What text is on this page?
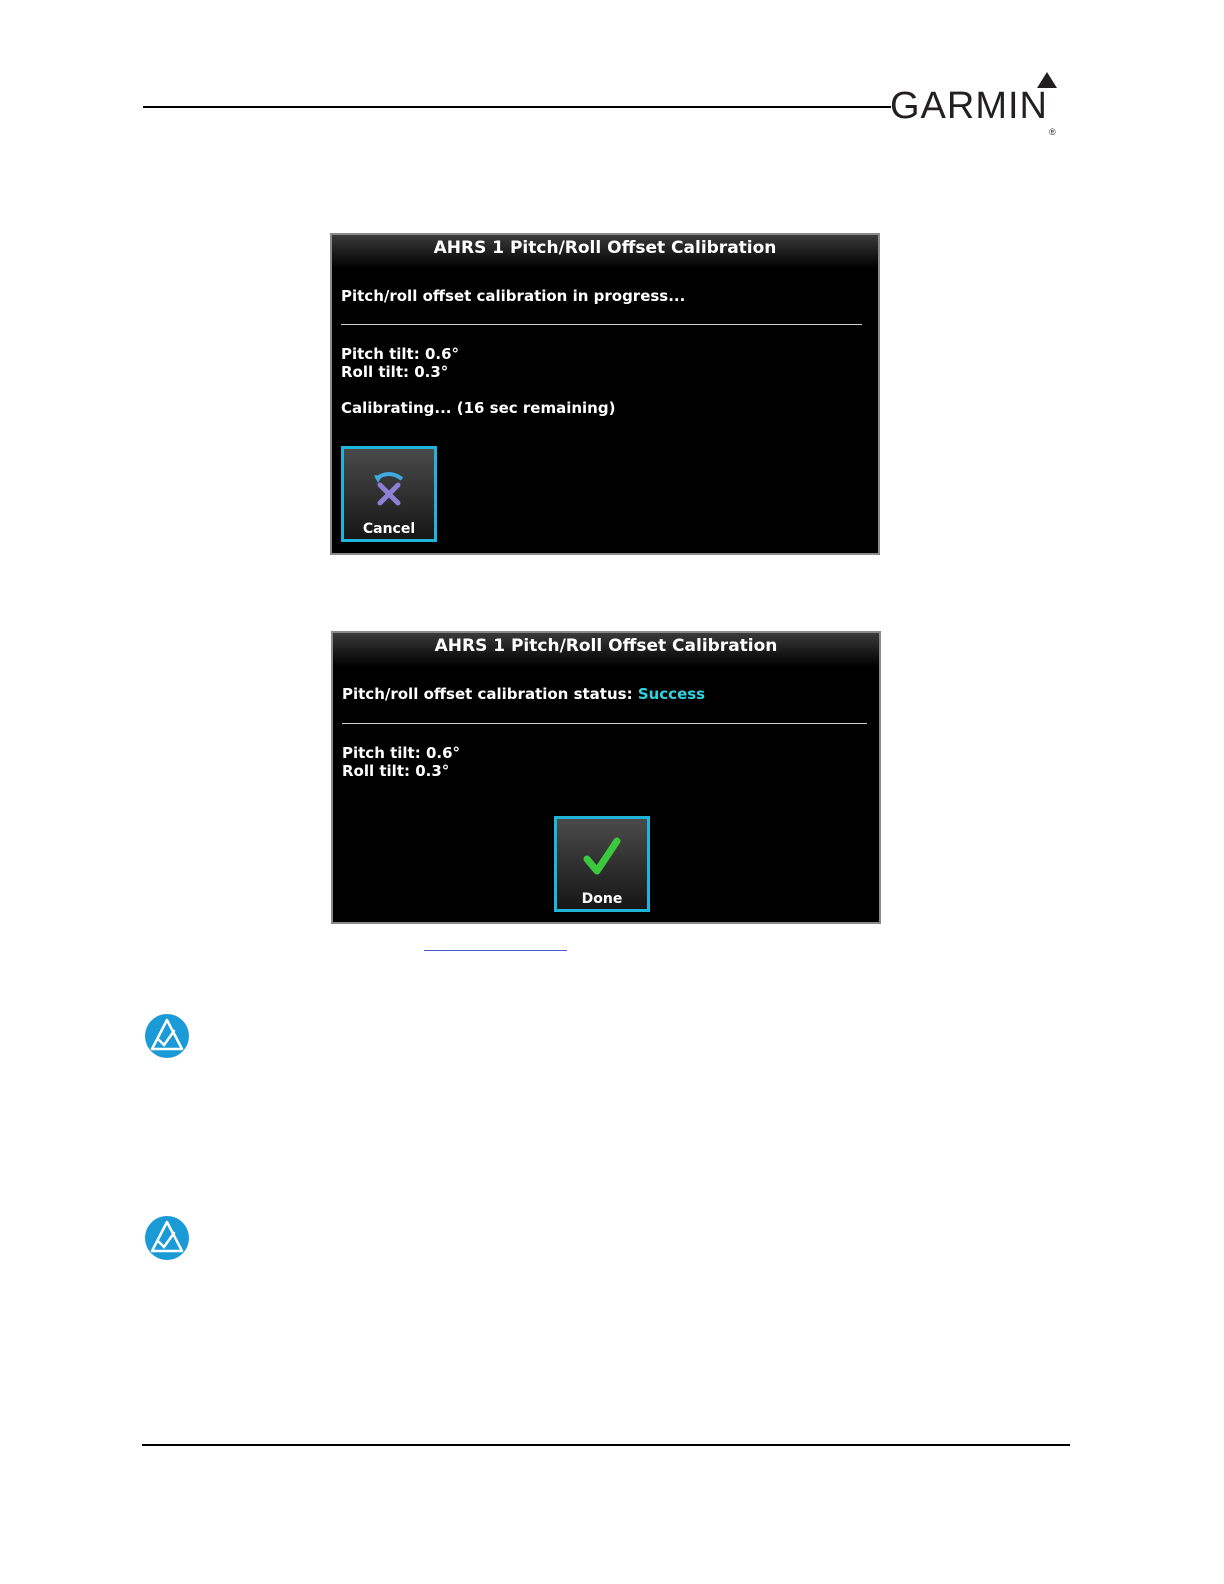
GARMIN®
AHRS 1 Pitch/Roll Offset Calibration
Pitch/roll offset calibration in progress...
Pitch tilt: 0.6°
Roll tilt: 0.3°
Calibrating... (16 sec remaining)
Cancel
AHRS 1 Pitch/Roll Offset Calibration
Pitch/roll offset calibration status: Success
Pitch tilt: 0.6°
Roll tilt: 0.3°
Done
